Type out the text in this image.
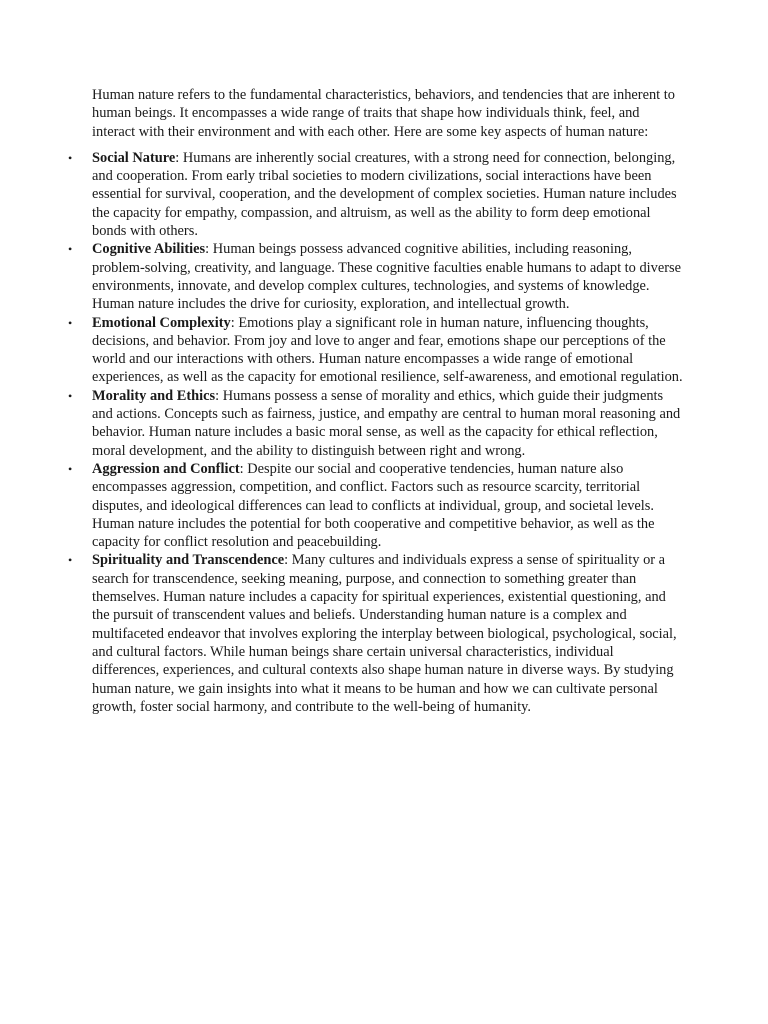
Human nature refers to the fundamental characteristics, behaviors, and tendencies that are inherent to human beings. It encompasses a wide range of traits that shape how individuals think, feel, and interact with their environment and with each other. Here are some key aspects of human nature:

• Social Nature: Humans are inherently social creatures, with a strong need for connection, belonging, and cooperation. From early tribal societies to modern civilizations, social interactions have been essential for survival, cooperation, and the development of complex societies. Human nature includes the capacity for empathy, compassion, and altruism, as well as the ability to form deep emotional bonds with others.
• Cognitive Abilities: Human beings possess advanced cognitive abilities, including reasoning, problem-solving, creativity, and language. These cognitive faculties enable humans to adapt to diverse environments, innovate, and develop complex cultures, technologies, and systems of knowledge. Human nature includes the drive for curiosity, exploration, and intellectual growth.
• Emotional Complexity: Emotions play a significant role in human nature, influencing thoughts, decisions, and behavior. From joy and love to anger and fear, emotions shape our perceptions of the world and our interactions with others. Human nature encompasses a wide range of emotional experiences, as well as the capacity for emotional resilience, self-awareness, and emotional regulation.
• Morality and Ethics: Humans possess a sense of morality and ethics, which guide their judgments and actions. Concepts such as fairness, justice, and empathy are central to human moral reasoning and behavior. Human nature includes a basic moral sense, as well as the capacity for ethical reflection, moral development, and the ability to distinguish between right and wrong.
• Aggression and Conflict: Despite our social and cooperative tendencies, human nature also encompasses aggression, competition, and conflict. Factors such as resource scarcity, territorial disputes, and ideological differences can lead to conflicts at individual, group, and societal levels. Human nature includes the potential for both cooperative and competitive behavior, as well as the capacity for conflict resolution and peacebuilding.
• Spirituality and Transcendence: Many cultures and individuals express a sense of spirituality or a search for transcendence, seeking meaning, purpose, and connection to something greater than themselves. Human nature includes a capacity for spiritual experiences, existential questioning, and the pursuit of transcendent values and beliefs. Understanding human nature is a complex and multifaceted endeavor that involves exploring the interplay between biological, psychological, social, and cultural factors. While human beings share certain universal characteristics, individual differences, experiences, and cultural contexts also shape human nature in diverse ways. By studying human nature, we gain insights into what it means to be human and how we can cultivate personal growth, foster social harmony, and contribute to the well-being of humanity.
